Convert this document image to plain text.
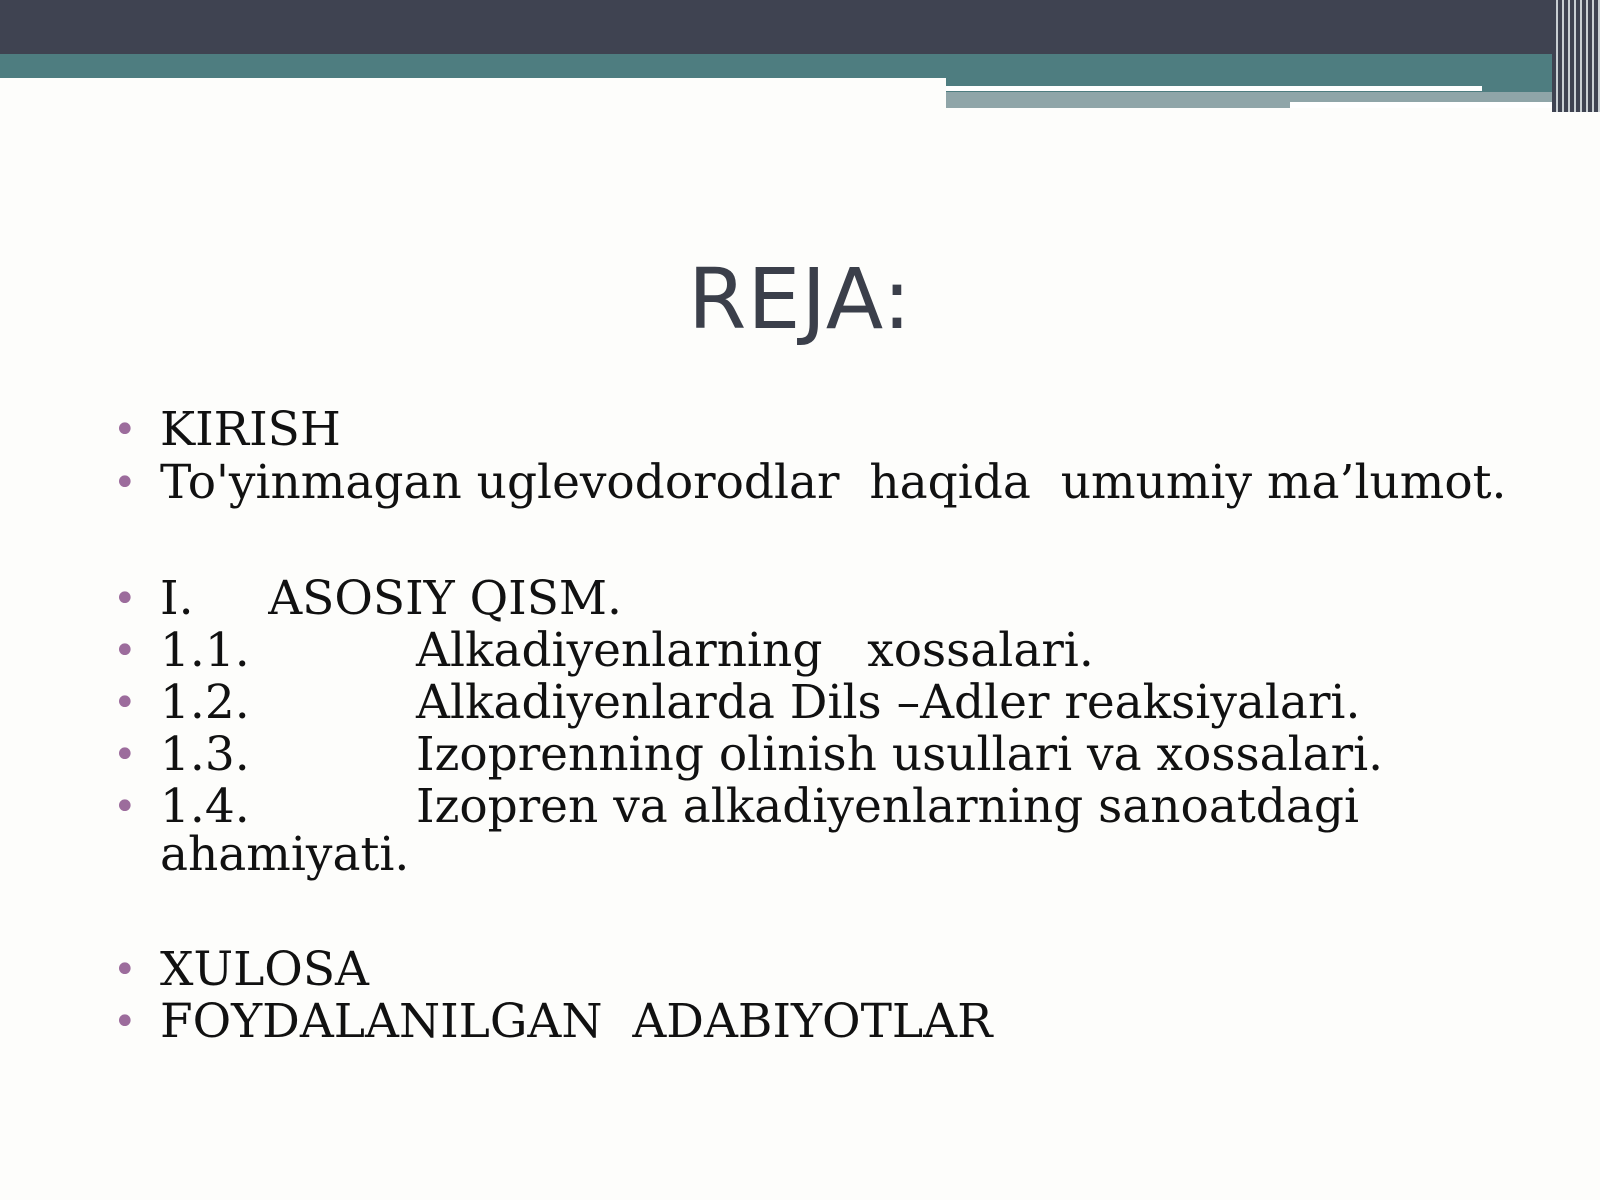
REJA:
• KIRISH
• To'yinmagan uglevodorodlar  haqida  umumiy ma’lumot.
• I.     ASOSIY QISM.
• 1.1.	Alkadiyenlarning   xossalari.
• 1.2.	Alkadiyenlarda Dils –Adler reaksiyalari.
• 1.3.	Izoprenning olinish usullari va xossalari.
• 1.4.	Izopren va alkadiyenlarning sanoatdagi
ahamiyati.
• XULOSA
• FOYDALANILGAN  ADABIYOTLAR
